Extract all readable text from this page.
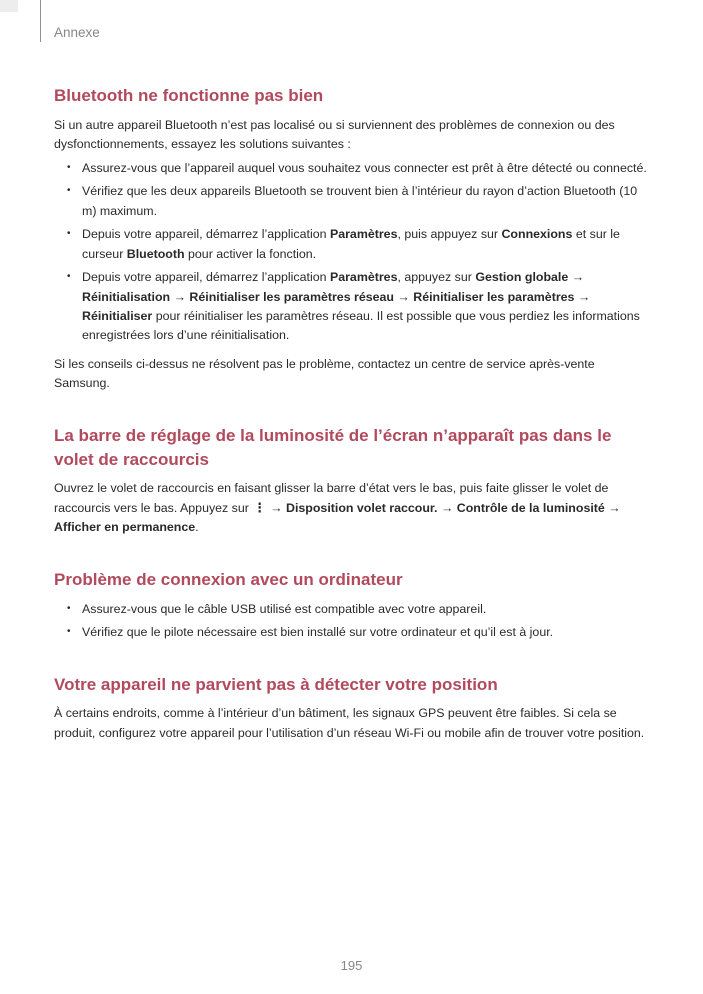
Annexe
Bluetooth ne fonctionne pas bien

Si un autre appareil Bluetooth n’est pas localisé ou si surviennent des problèmes de connexion ou des dysfonctionnements, essayez les solutions suivantes :

• Assurez-vous que l’appareil auquel vous souhaitez vous connecter est prêt à être détecté ou connecté.
• Vérifiez que les deux appareils Bluetooth se trouvent bien à l’intérieur du rayon d’action Bluetooth (10 m) maximum.
• Depuis votre appareil, démarrez l’application Paramètres, puis appuyez sur Connexions et sur le curseur Bluetooth pour activer la fonction.
• Depuis votre appareil, démarrez l’application Paramètres, appuyez sur Gestion globale → Réinitialisation → Réinitialiser les paramètres réseau → Réinitialiser les paramètres → Réinitialiser pour réinitialiser les paramètres réseau. Il est possible que vous perdiez les informations enregistrées lors d’une réinitialisation.

Si les conseils ci-dessus ne résolvent pas le problème, contactez un centre de service après-vente Samsung.

La barre de réglage de la luminosité de l’écran n’apparaît pas dans le volet de raccourcis

Ouvrez le volet de raccourcis en faisant glisser la barre d’état vers le bas, puis faite glisser le volet de raccourcis vers le bas. Appuyez sur ⋮ → Disposition volet raccour. → Contrôle de la luminosité → Afficher en permanence.

Problème de connexion avec un ordinateur
• Assurez-vous que le câble USB utilisé est compatible avec votre appareil.
• Vérifiez que le pilote nécessaire est bien installé sur votre ordinateur et qu’il est à jour.
Votre appareil ne parvient pas à détecter votre position

À certains endroits, comme à l’intérieur d’un bâtiment, les signaux GPS peuvent être faibles. Si cela se produit, configurez votre appareil pour l’utilisation d’un réseau Wi-Fi ou mobile afin de trouver votre position.

195
